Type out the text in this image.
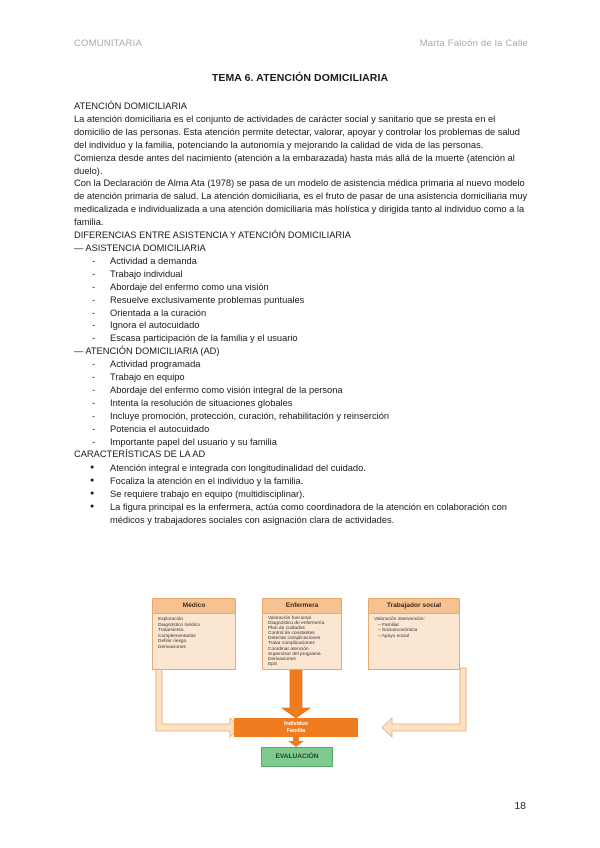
COMUNITARIA	Marta Faloón de la Calle
TEMA 6. ATENCIÓN DOMICILIARIA

ATENCIÓN DOMICILIARIA

La atención domiciliaria es el conjunto de actividades de carácter social y sanitario que se presta en el domicilio de las personas. Esta atención permite detectar, valorar, apoyar y controlar los problemas de salud del individuo y la familia, potenciando la autonomía y mejorando la calidad de vida de las personas.

Comienza desde antes del nacimiento (atención a la embarazada) hasta más allá de la muerte (atención al duelo).

Con la Declaración de Alma Ata (1978) se pasa de un modelo de asistencia médica primaria al nuevo modelo de atención primaria de salud. La atención domiciliaria, es el fruto de pasar de una asistencia domiciliaria muy medicalizada e individualizada a una atención domiciliaria más holística y dirigida tanto al individuo como a la familia.

DIFERENCIAS ENTRE ASISTENCIA Y ATENCIÓN DOMICILIARIA

— ASISTENCIA DOMICILIARIA

- Actividad a demanda
- Trabajo individual
- Abordaje del enfermo como una visión
- Resuelve exclusivamente problemas puntuales
- Orientada a la curación
- Ignora el autocuidado
- Escasa participación de la familia y el usuario

— ATENCIÓN DOMICILIARIA (AD)

- Actividad programada
- Trabajo en equipo
- Abordaje del enfermo como visión integral de la persona
- Intenta la resolución de situaciones globales
- Incluye promoción, protección, curación, rehabilitación y reinserción
- Potencia el autocuidado
- Importante papel del usuario y su familia

CARACTERÍSTICAS DE LA AD

● Atención integral e integrada con longitudinalidad del cuidado.
● Focaliza la atención en el individuo y la familia.
● Se requiere trabajo en equipo (multidisciplinar).
● La figura principal es la enfermera, actúa como coordinadora de la atención en colaboración con médicos y trabajadores sociales con asignación clara de actividades.
Médico
Exploración
Diagnóstico médico
Tratamiento
Complementarias
Definir riesgo
Derivaciones
Enfermera
Valoración funcional
Diagnóstico de enfermería
Plan de cuidados
Control de constantes
Detectar complicaciones
Tratar complicaciones
Coordinar atención
Supervisor del programa
Derivaciones
EpS
Trabajador social
Valoración intervención:
– Familiar
– Socioeconómica
– Apoyo social
Individuo
Familia
EVALUACIÓN
18
